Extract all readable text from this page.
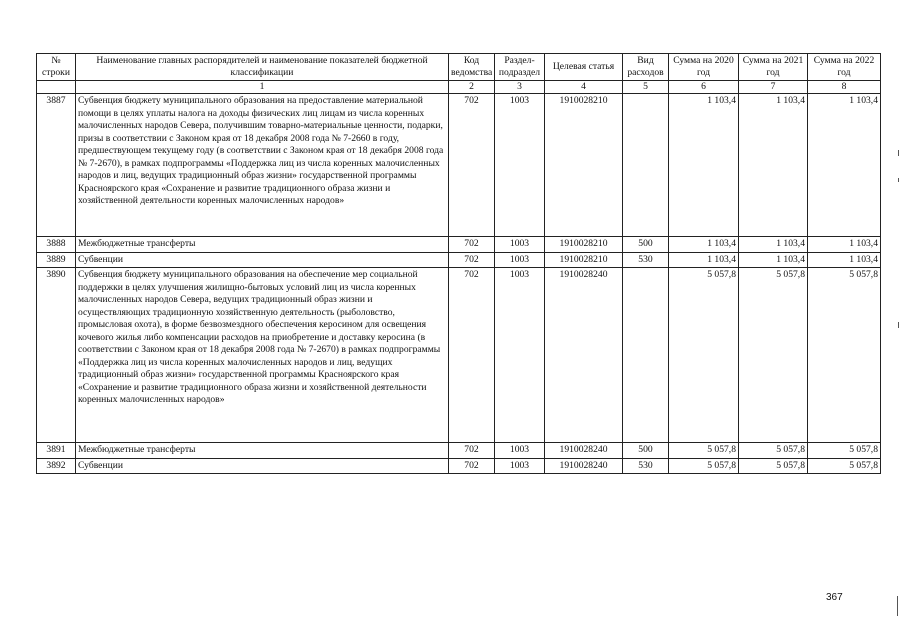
№ строки	Наименование главных распорядителей и наименование показателей бюджетной классификации	Код ведомства	Раздел-подраздел	Целевая статья	Вид расходов	Сумма на 2020 год	Сумма на 2021 год	Сумма на 2022 год
	1	2	3	4	5	6	7	8
3887	Субвенция бюджету муниципального образования на предоставление материальной помощи в целях уплаты налога на доходы физических лиц лицам из числа коренных малочисленных народов Севера, получившим товарно-материальные ценности, подарки, призы в соответствии с Законом края от 18 декабря 2008 года № 7-2660 в году, предшествующем текущему году (в соответствии с Законом края от 18 декабря 2008 года № 7-2670), в рамках подпрограммы «Поддержка лиц из числа коренных малочисленных народов и лиц, ведущих традиционный образ жизни» государственной программы Красноярского края «Сохранение и развитие традиционного образа жизни и хозяйственной деятельности коренных малочисленных народов»	702	1003	1910028210		1 103,4	1 103,4	1 103,4
3888	Межбюджетные трансферты	702	1003	1910028210	500	1 103,4	1 103,4	1 103,4
3889	Субвенции	702	1003	1910028210	530	1 103,4	1 103,4	1 103,4
3890	Субвенция бюджету муниципального образования на обеспечение мер социальной поддержки в целях улучшения жилищно-бытовых условий лиц из числа коренных малочисленных народов Севера, ведущих традиционный образ жизни и осуществляющих традиционную хозяйственную деятельность (рыболовство, промысловая охота), в форме безвозмездного обеспечения керосином для освещения кочевого жилья либо компенсации расходов на приобретение и доставку керосина (в соответствии с Законом края от 18 декабря 2008 года № 7-2670) в рамках подпрограммы «Поддержка лиц из числа коренных малочисленных народов и лиц, ведущих традиционный образ жизни» государственной программы Красноярского края «Сохранение и развитие традиционного образа жизни и хозяйственной деятельности коренных малочисленных народов»	702	1003	1910028240		5 057,8	5 057,8	5 057,8
3891	Межбюджетные трансферты	702	1003	1910028240	500	5 057,8	5 057,8	5 057,8
3892	Субвенции	702	1003	1910028240	530	5 057,8	5 057,8	5 057,8
367
